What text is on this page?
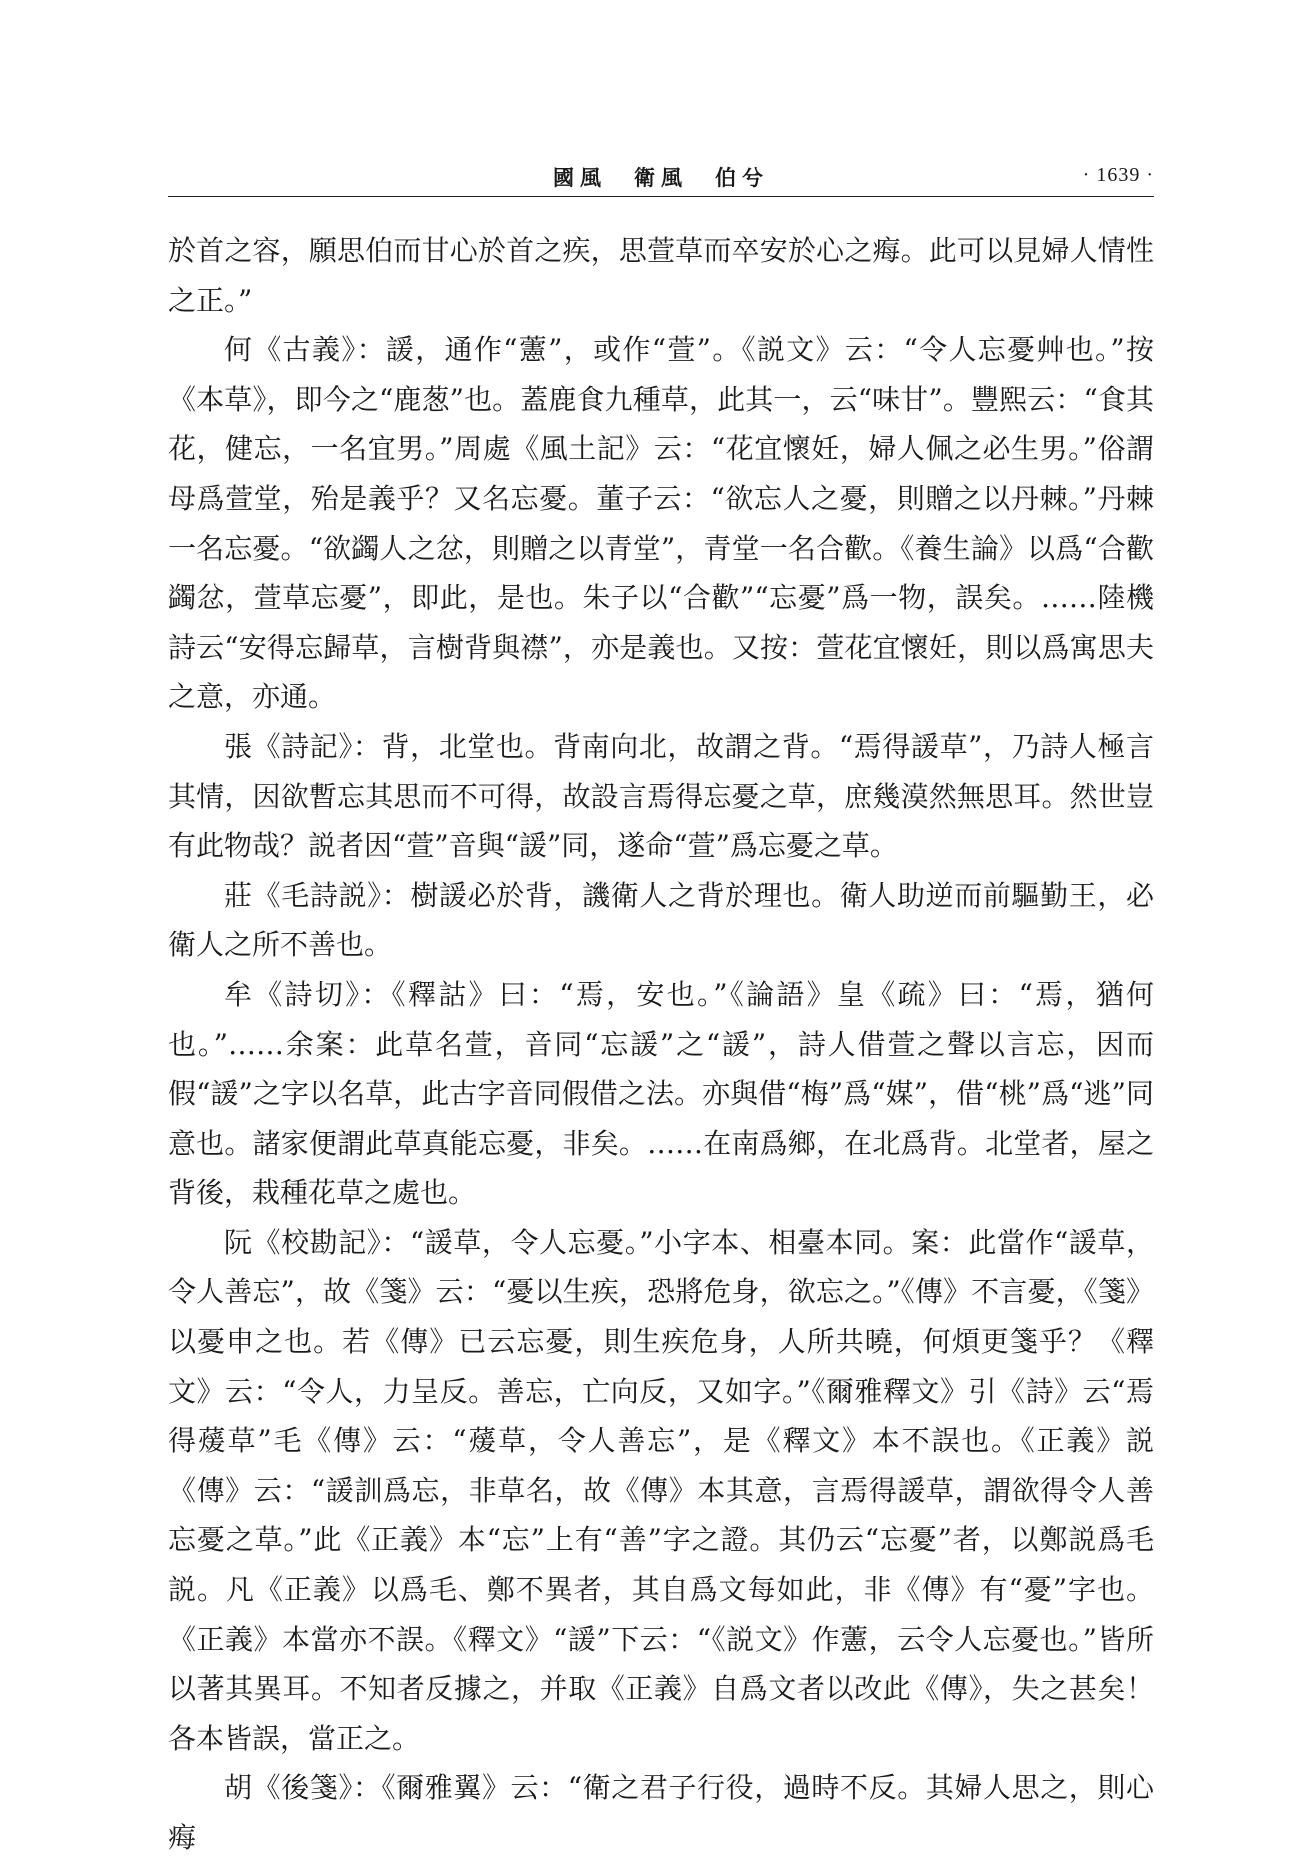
國風　衛風　伯兮	· 1639 ·

於首之容，願思伯而甘心於首之疾，思萱草而卒安於心之痗。此可以見婦人情性之正。”

何《古義》：諼，通作“藼”，或作“萱”。《説文》云：“令人忘憂艸也。”按《本草》，即今之“鹿葱”也。蓋鹿食九種草，此其一，云“味甘”。豐熙云：“食其花，健忘，一名宜男。”周處《風土記》云：“花宜懷妊，婦人佩之必生男。”俗謂母爲萱堂，殆是義乎？又名忘憂。董子云：“欲忘人之憂，則贈之以丹棘。”丹棘一名忘憂。“欲蠲人之忿，則贈之以青堂”，青堂一名合歡。《養生論》以爲“合歡蠲忿，萱草忘憂”，即此，是也。朱子以“合歡”“忘憂”爲一物，誤矣。……陸機詩云“安得忘歸草，言樹背與襟”，亦是義也。又按：萱花宜懷妊，則以爲寓思夫之意，亦通。

張《詩記》：背，北堂也。背南向北，故謂之背。“焉得諼草”，乃詩人極言其情，因欲暫忘其思而不可得，故設言焉得忘憂之草，庶幾漠然無思耳。然世豈有此物哉？説者因“萱”音與“諼”同，遂命“萱”爲忘憂之草。

莊《毛詩説》：樹諼必於背，譏衛人之背於理也。衛人助逆而前驅勤王，必衛人之所不善也。

牟《詩切》：《釋詁》曰：“焉，安也。”《論語》皇《疏》曰：“焉，猶何也。”……余案：此草名萱，音同“忘諼”之“諼”，詩人借萱之聲以言忘，因而假“諼”之字以名草，此古字音同假借之法。亦與借“梅”爲“媒”，借“桃”爲“逃”同意也。諸家便謂此草真能忘憂，非矣。……在南爲鄉，在北爲背。北堂者，屋之背後，栽種花草之處也。

阮《校勘記》：“諼草，令人忘憂。”小字本、相臺本同。案：此當作“諼草，令人善忘”，故《箋》云：“憂以生疾，恐將危身，欲忘之。”《傳》不言憂，《箋》以憂申之也。若《傳》已云忘憂，則生疾危身，人所共曉，何煩更箋乎？《釋文》云：“令人，力呈反。善忘，亡向反，又如字。”《爾雅釋文》引《詩》云“焉得蕿草”毛《傳》云：“蕿草，令人善忘”，是《釋文》本不誤也。《正義》説《傳》云：“諼訓爲忘，非草名，故《傳》本其意，言焉得諼草，謂欲得令人善忘憂之草。”此《正義》本“忘”上有“善”字之證。其仍云“忘憂”者，以鄭説爲毛説。凡《正義》以爲毛、鄭不異者，其自爲文每如此，非《傳》有“憂”字也。《正義》本當亦不誤。《釋文》“諼”下云：“《説文》作藼，云令人忘憂也。”皆所以著其異耳。不知者反據之，并取《正義》自爲文者以改此《傳》，失之甚矣！各本皆誤，當正之。

胡《後箋》：《爾雅翼》云：“衛之君子行役，過時不反。其婦人思之，則心痗
